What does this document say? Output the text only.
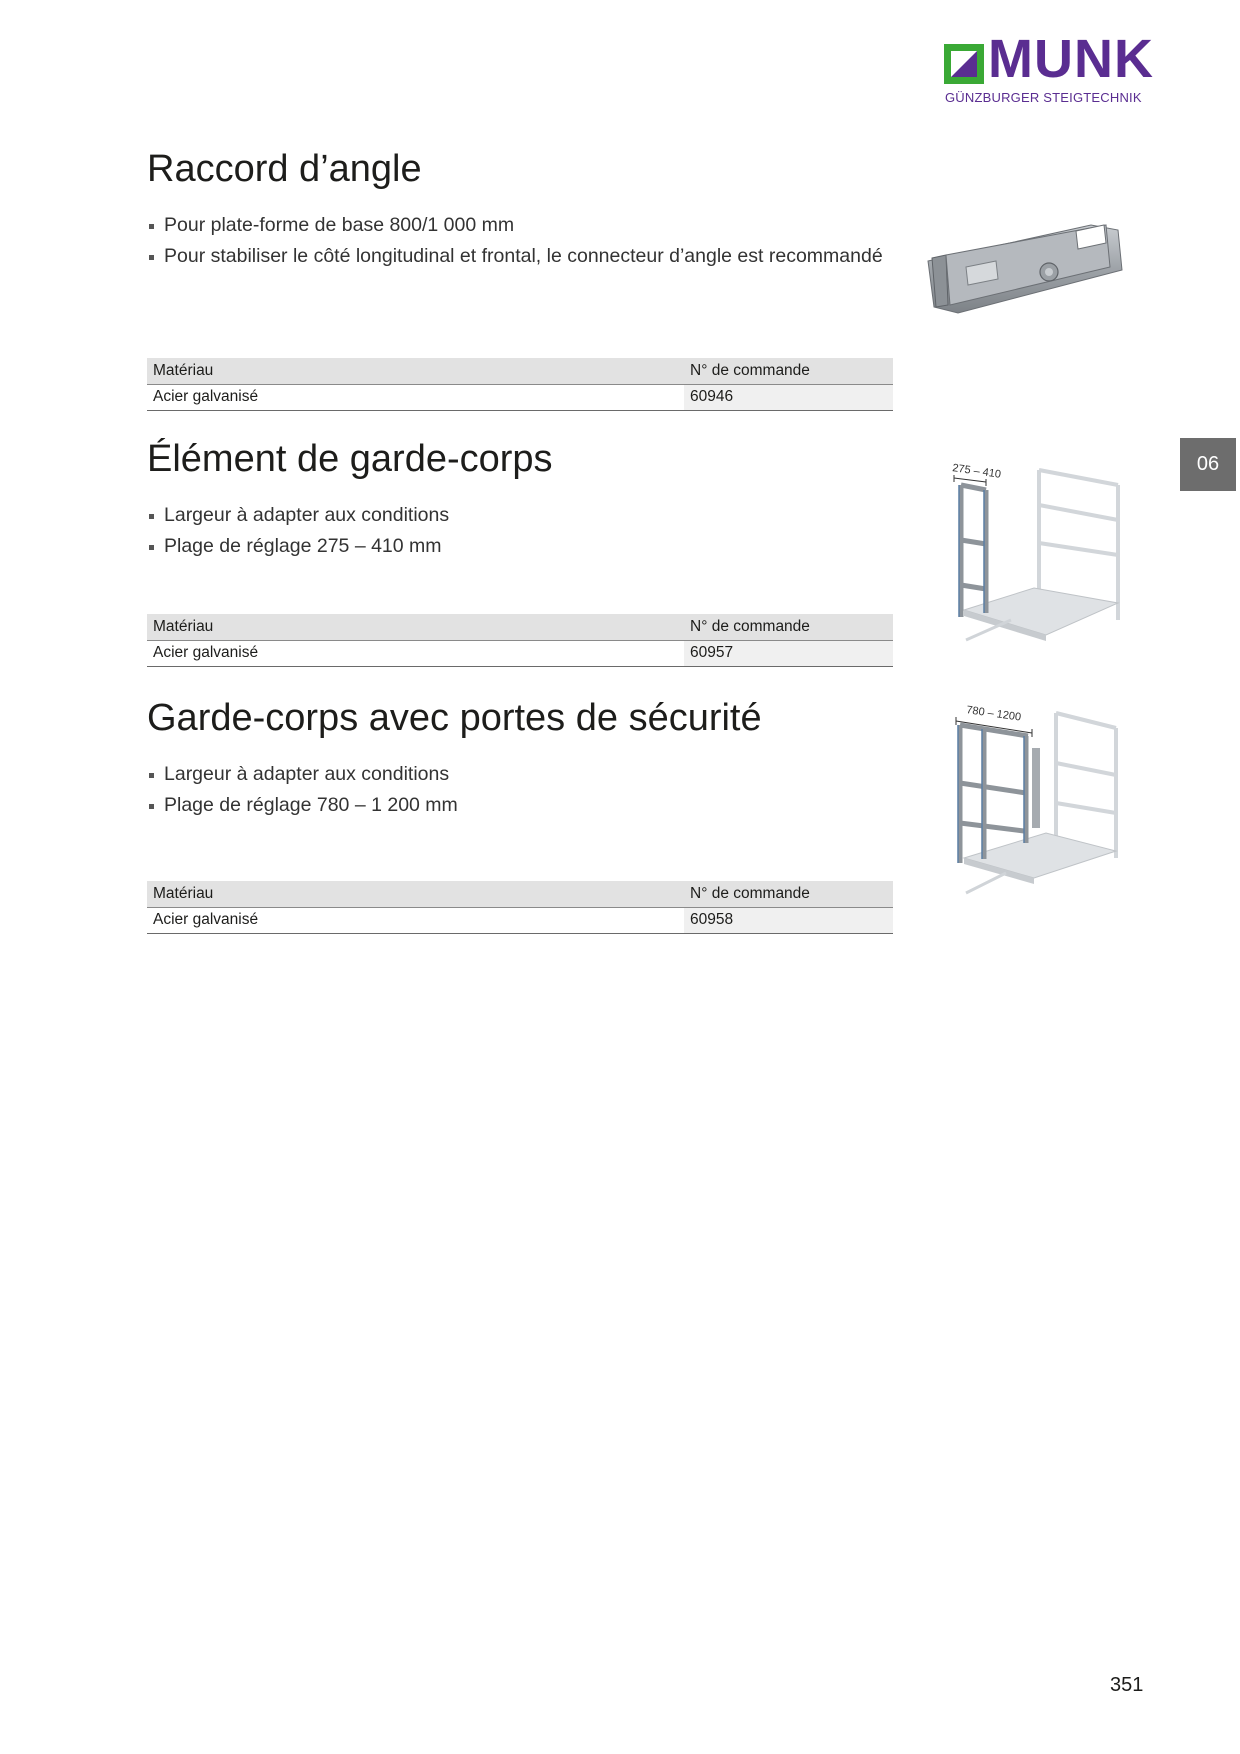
MUNK
GÜNZBURGER STEIGTECHNIK
06
Raccord d’angle
Pour plate-forme de base 800/1 000 mm
Pour stabiliser le côté longitudinal et frontal, le connecteur d’angle est recommandé
Matériau	N° de commande
Acier galvanisé	60946
Élément de garde-corps
Largeur à adapter aux conditions
Plage de réglage 275 – 410 mm
Matériau	N° de commande
Acier galvanisé	60957
275 – 410
Garde-corps avec portes de sécurité
Largeur à adapter aux conditions
Plage de réglage 780 – 1 200 mm
Matériau	N° de commande
Acier galvanisé	60958
780 – 1200
351
